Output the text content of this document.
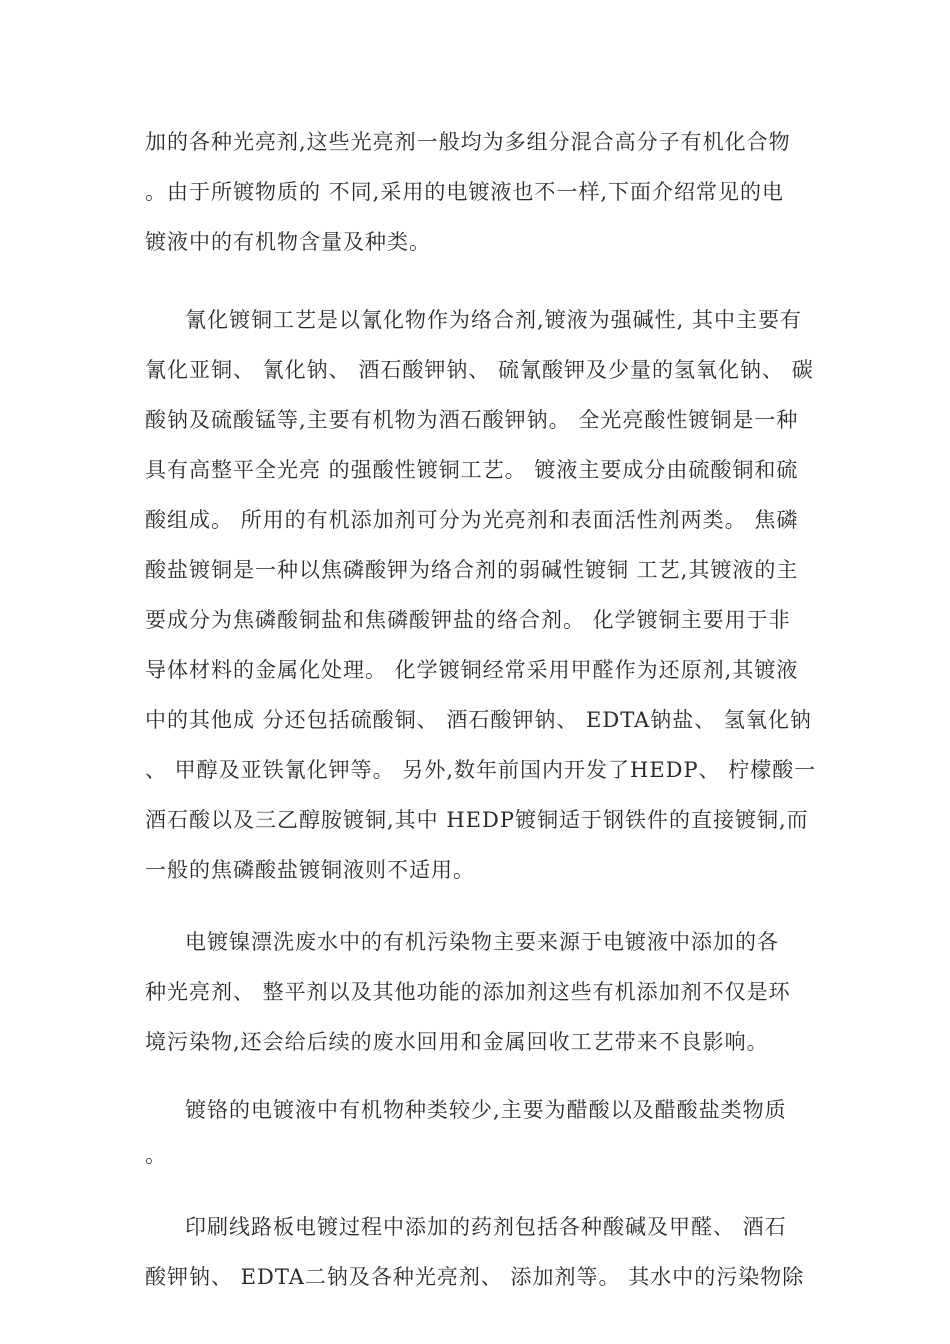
加的各种光亮剂,这些光亮剂一般均为多组分混合高分子有机化合物
。由于所镀物质的 不同,采用的电镀液也不一样,下面介绍常见的电
镀液中的有机物含量及种类。
氰化镀铜工艺是以氰化物作为络合剂,镀液为强碱性, 其中主要有
氰化亚铜、 氰化钠、 酒石酸钾钠、 硫氰酸钾及少量的氢氧化钠、 碳
酸钠及硫酸锰等,主要有机物为酒石酸钾钠。 全光亮酸性镀铜是一种
具有高整平全光亮 的强酸性镀铜工艺。 镀液主要成分由硫酸铜和硫
酸组成。 所用的有机添加剂可分为光亮剂和表面活性剂两类。 焦磷
酸盐镀铜是一种以焦磷酸钾为络合剂的弱碱性镀铜 工艺,其镀液的主
要成分为焦磷酸铜盐和焦磷酸钾盐的络合剂。 化学镀铜主要用于非
导体材料的金属化处理。 化学镀铜经常采用甲醛作为还原剂,其镀液
中的其他成 分还包括硫酸铜、 酒石酸钾钠、 EDTA钠盐、 氢氧化钠
、 甲醇及亚铁氰化钾等。 另外,数年前国内开发了HEDP、 柠檬酸一
酒石酸以及三乙醇胺镀铜,其中 HEDP镀铜适于钢铁件的直接镀铜,而
一般的焦磷酸盐镀铜液则不适用。
电镀镍漂洗废水中的有机污染物主要来源于电镀液中添加的各
种光亮剂、 整平剂以及其他功能的添加剂这些有机添加剂不仅是环
境污染物,还会给后续的废水回用和金属回收工艺带来不良影响。
镀铬的电镀液中有机物种类较少,主要为醋酸以及醋酸盐类物质
。
印刷线路板电镀过程中添加的药剂包括各种酸碱及甲醛、 酒石
酸钾钠、 EDTA二钠及各种光亮剂、 添加剂等。 其水中的污染物除
